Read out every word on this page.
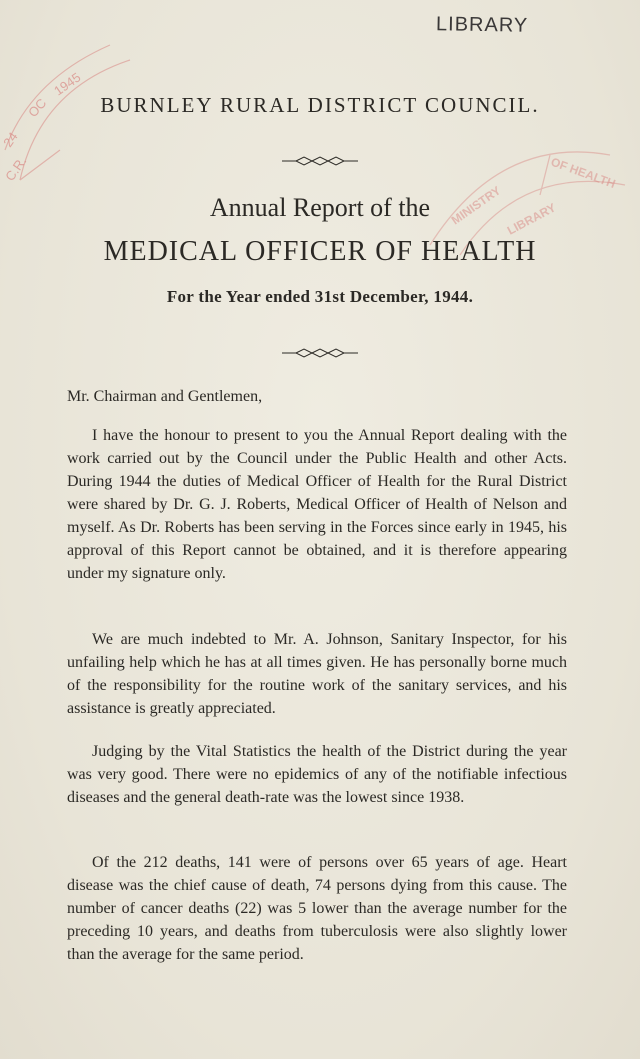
LIBRARY
24
OC
1945
C.R.
MINISTRY
OF HEALTH
LIBRARY
BURNLEY RURAL DISTRICT COUNCIL.
Annual Report of the
MEDICAL OFFICER OF HEALTH
For the Year ended 31st December, 1944.
Mr. Chairman and Gentlemen,
I have the honour to present to you the Annual Report dealing with the work carried out by the Council under the Public Health and other Acts. During 1944 the duties of Medical Officer of Health for the Rural District were shared by Dr. G. J. Roberts, Medical Officer of Health of Nelson and myself. As Dr. Roberts has been serving in the Forces since early in 1945, his approval of this Report cannot be obtained, and it is therefore appearing under my signature only.
We are much indebted to Mr. A. Johnson, Sanitary Inspector, for his unfailing help which he has at all times given. He has personally borne much of the responsibility for the routine work of the sanitary services, and his assistance is greatly appreciated.
Judging by the Vital Statistics the health of the District during the year was very good. There were no epidemics of any of the notifiable infectious diseases and the general death-rate was the lowest since 1938.
Of the 212 deaths, 141 were of persons over 65 years of age. Heart disease was the chief cause of death, 74 persons dying from this cause. The number of cancer deaths (22) was 5 lower than the average number for the preceding 10 years, and deaths from tuberculosis were also slightly lower than the average for the same period.
